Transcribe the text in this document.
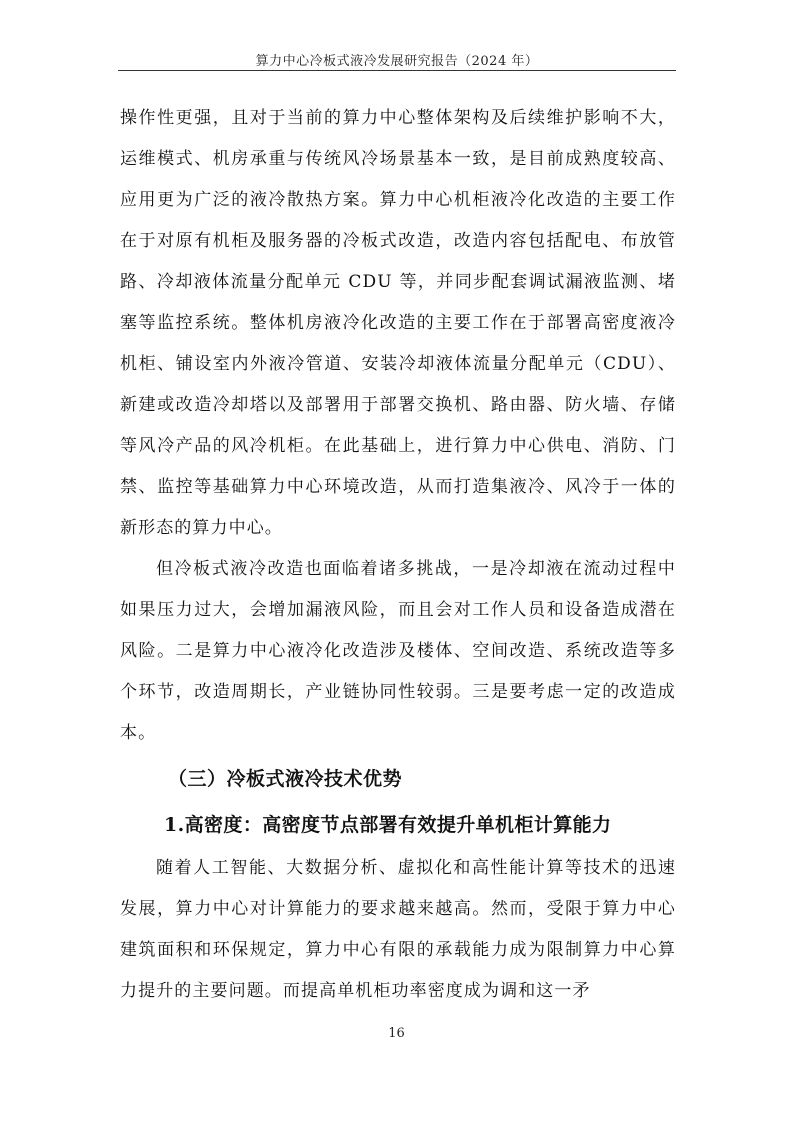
算力中心冷板式液冷发展研究报告（2024 年）

操作性更强，且对于当前的算力中心整体架构及后续维护影响不大，运维模式、机房承重与传统风冷场景基本一致，是目前成熟度较高、应用更为广泛的液冷散热方案。算力中心机柜液冷化改造的主要工作在于对原有机柜及服务器的冷板式改造，改造内容包括配电、布放管路、冷却液体流量分配单元 CDU 等，并同步配套调试漏液监测、堵塞等监控系统。整体机房液冷化改造的主要工作在于部署高密度液冷机柜、铺设室内外液冷管道、安装冷却液体流量分配单元（CDU）、新建或改造冷却塔以及部署用于部署交换机、路由器、防火墙、存储等风冷产品的风冷机柜。在此基础上，进行算力中心供电、消防、门禁、监控等基础算力中心环境改造，从而打造集液冷、风冷于一体的新形态的算力中心。

但冷板式液冷改造也面临着诸多挑战，一是冷却液在流动过程中如果压力过大，会增加漏液风险，而且会对工作人员和设备造成潜在风险。二是算力中心液冷化改造涉及楼体、空间改造、系统改造等多个环节，改造周期长，产业链协同性较弱。三是要考虑一定的改造成本。

（三）冷板式液冷技术优势
1.高密度：高密度节点部署有效提升单机柜计算能力

随着人工智能、大数据分析、虚拟化和高性能计算等技术的迅速发展，算力中心对计算能力的要求越来越高。然而，受限于算力中心建筑面积和环保规定，算力中心有限的承载能力成为限制算力中心算力提升的主要问题。而提高单机柜功率密度成为调和这一矛

16
